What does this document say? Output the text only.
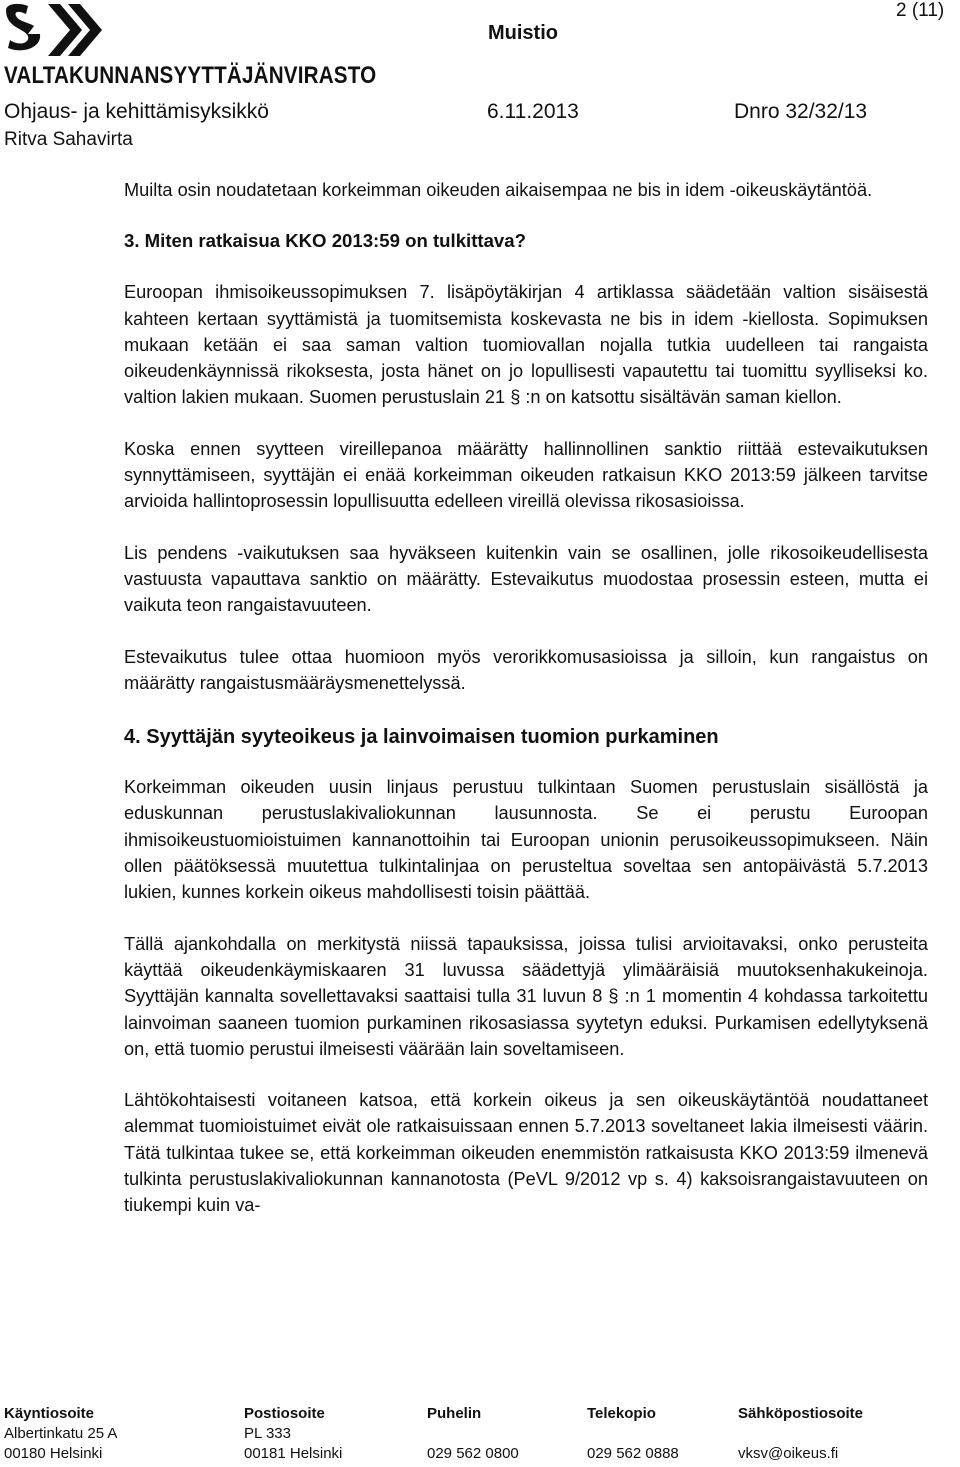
VALTAKUNNANSYYTTÄJÄNVIRASTO
Muistio
2 (11)
Ohjaus- ja kehittämisyksikkö	6.11.2013	Dnro 32/32/13
Ritva Sahavirta

Muilta osin noudatetaan korkeimman oikeuden aikaisempaa ne bis in idem -oikeuskäytäntöä.

3. Miten ratkaisua KKO 2013:59 on tulkittava?

Euroopan ihmisoikeussopimuksen 7. lisäpöytäkirjan 4 artiklassa säädetään valtion sisäisestä kahteen kertaan syyttämistä ja tuomitsemista koskevasta ne bis in idem -kiellosta. Sopimuksen mukaan ketään ei saa saman valtion tuomiovallan nojalla tutkia uudelleen tai rangaista oikeudenkäynnissä rikoksesta, josta hänet on jo lopullisesti vapautettu tai tuomittu syylliseksi ko. valtion lakien mukaan. Suomen perustuslain 21 § :n on katsottu sisältävän saman kiellon.

Koska ennen syytteen vireillepanoa määrätty hallinnollinen sanktio riittää estevaikutuksen synnyttämiseen, syyttäjän ei enää korkeimman oikeuden ratkaisun KKO 2013:59 jälkeen tarvitse arvioida hallintoprosessin lopullisuutta edelleen vireillä olevissa rikosasioissa.

Lis pendens -vaikutuksen saa hyväkseen kuitenkin vain se osallinen, jolle rikosoikeudellisesta vastuusta vapauttava sanktio on määrätty. Estevaikutus muodostaa prosessin esteen, mutta ei vaikuta teon rangaistavuuteen.

Estevaikutus tulee ottaa huomioon myös verorikkomusasioissa ja silloin, kun rangaistus on määrätty rangaistusmääräysmenettelyssä.

4. Syyttäjän syyteoikeus ja lainvoimaisen tuomion purkaminen

Korkeimman oikeuden uusin linjaus perustuu tulkintaan Suomen perustuslain sisällöstä ja eduskunnan perustuslakivaliokunnan lausunnosta. Se ei perustu Euroopan ihmisoikeustuomioistuimen kannanottoihin tai Euroopan unionin perusoikeussopimukseen. Näin ollen päätöksessä muutettua tulkintalinjaa on perusteltua soveltaa sen antopäivästä 5.7.2013 lukien, kunnes korkein oikeus mahdollisesti toisin päättää.

Tällä ajankohdalla on merkitystä niissä tapauksissa, joissa tulisi arvioitavaksi, onko perusteita käyttää oikeudenkäymiskaaren 31 luvussa säädettyjä ylimääräisiä muutoksenhakukeinoja. Syyttäjän kannalta sovellettavaksi saattaisi tulla 31 luvun 8 § :n 1 momentin 4 kohdassa tarkoitettu lainvoiman saaneen tuomion purkaminen rikosasiassa syytetyn eduksi. Purkamisen edellytyksenä on, että tuomio perustui ilmeisesti väärään lain soveltamiseen.

Lähtökohtaisesti voitaneen katsoa, että korkein oikeus ja sen oikeuskäytäntöä noudattaneet alemmat tuomioistuimet eivät ole ratkaisuissaan ennen 5.7.2013 soveltaneet lakia ilmeisesti väärin. Tätä tulkintaa tukee se, että korkeimman oikeuden enemmistön ratkaisusta KKO 2013:59 ilmenevä tulkinta perustuslakivaliokunnan kannanotosta (PeVL 9/2012 vp s. 4) kaksoisrangaistavuuteen on tiukempi kuin va-

Käyntiosoite
Albertinkatu 25 A
00180 Helsinki
Postiosoite
PL 333
00181 Helsinki
Puhelin

029 562 0800
Telekopio

029 562 0888
Sähköpostiosoite

vksv@oikeus.fi
